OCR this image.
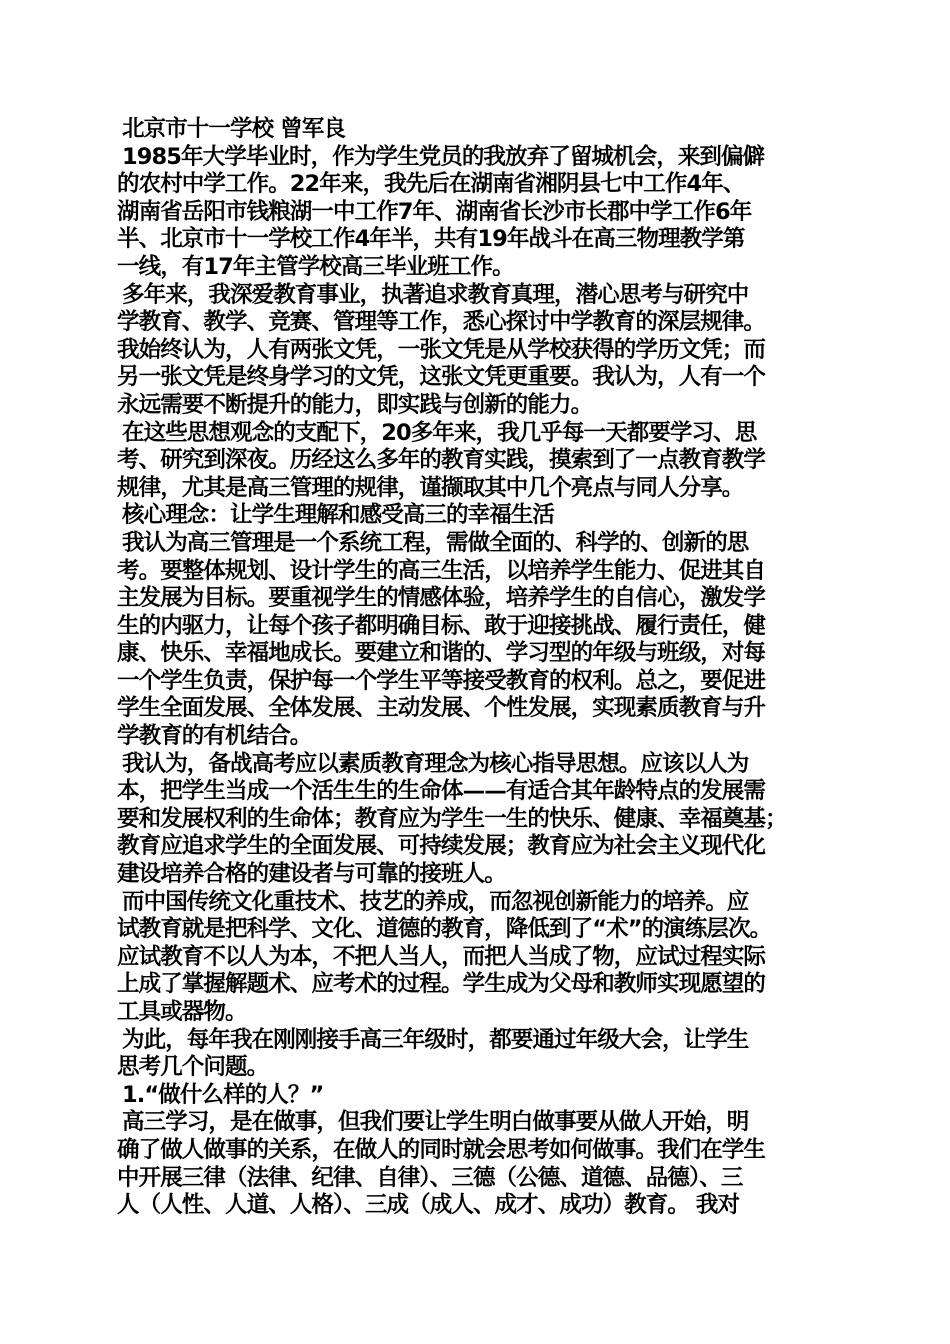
北京市十一学校 曾军良
1985年大学毕业时，作为学生党员的我放弃了留城机会，来到偏僻
的农村中学工作。22年来，我先后在湖南省湘阴县七中工作4年、
湖南省岳阳市钱粮湖一中工作7年、湖南省长沙市长郡中学工作6年
半、北京市十一学校工作4年半，共有19年战斗在高三物理教学第
一线，有17年主管学校高三毕业班工作。
多年来，我深爱教育事业，执著追求教育真理，潜心思考与研究中
学教育、教学、竞赛、管理等工作，悉心探讨中学教育的深层规律。
我始终认为，人有两张文凭，一张文凭是从学校获得的学历文凭；而
另一张文凭是终身学习的文凭，这张文凭更重要。我认为，人有一个
永远需要不断提升的能力，即实践与创新的能力。
在这些思想观念的支配下，20多年来，我几乎每一天都要学习、思
考、研究到深夜。历经这么多年的教育实践，摸索到了一点教育教学
规律，尤其是高三管理的规律，谨撷取其中几个亮点与同人分享。
核心理念：让学生理解和感受高三的幸福生活
我认为高三管理是一个系统工程，需做全面的、科学的、创新的思
考。要整体规划、设计学生的高三生活，以培养学生能力、促进其自
主发展为目标。要重视学生的情感体验，培养学生的自信心，激发学
生的内驱力，让每个孩子都明确目标、敢于迎接挑战、履行责任，健
康、快乐、幸福地成长。要建立和谐的、学习型的年级与班级，对每
一个学生负责，保护每一个学生平等接受教育的权利。总之，要促进
学生全面发展、全体发展、主动发展、个性发展，实现素质教育与升
学教育的有机结合。
我认为，备战高考应以素质教育理念为核心指导思想。应该以人为
本，把学生当成一个活生生的生命体——有适合其年龄特点的发展需
要和发展权利的生命体；教育应为学生一生的快乐、健康、幸福奠基；
教育应追求学生的全面发展、可持续发展；教育应为社会主义现代化
建设培养合格的建设者与可靠的接班人。
而中国传统文化重技术、技艺的养成，而忽视创新能力的培养。应
试教育就是把科学、文化、道德的教育，降低到了“术”的演练层次。
应试教育不以人为本，不把人当人，而把人当成了物，应试过程实际
上成了掌握解题术、应考术的过程。学生成为父母和教师实现愿望的
工具或器物。
为此，每年我在刚刚接手高三年级时，都要通过年级大会，让学生
思考几个问题。
1.“做什么样的人？”
高三学习，是在做事，但我们要让学生明白做事要从做人开始，明
确了做人做事的关系，在做人的同时就会思考如何做事。我们在学生
中开展三律（法律、纪律、自律）、三德（公德、道德、品德）、三
人（人性、人道、人格）、三成（成人、成才、成功）教育。 我对
